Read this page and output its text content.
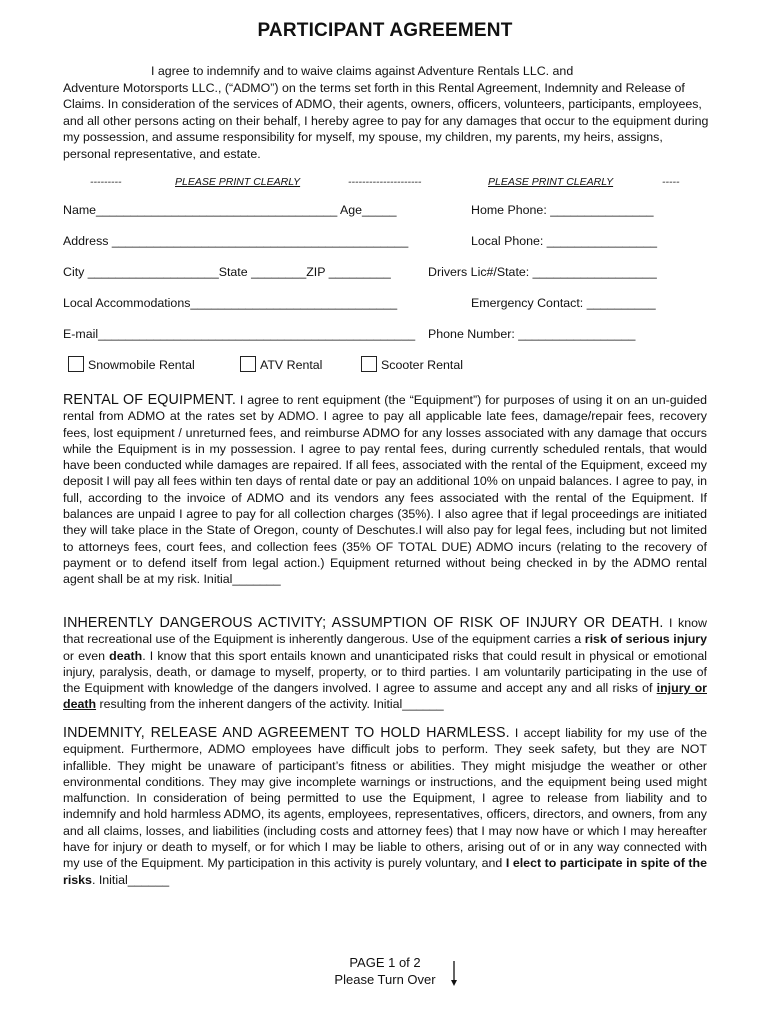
PARTICIPANT AGREEMENT
I agree to indemnify and to waive claims against Adventure Rentals LLC. and
Adventure Motorsports LLC., (“ADMO”) on the terms set forth in this Rental Agreement, Indemnity and Release of Claims. In consideration of the services of ADMO, their agents, owners, officers, volunteers, participants, employees, and all other persons acting on their behalf, I hereby agree to pay for any damages that occur to the equipment during my possession, and assume responsibility for myself, my spouse, my children, my parents, my heirs, assigns, personal representative, and estate.
---------	PLEASE PRINT CLEARLY	---------------------	PLEASE PRINT CLEARLY	-----
Name___________________________________ Age_____	Home Phone: _______________
Address ___________________________________________	Local Phone: ________________
City ___________________State ________ZIP _________	Drivers Lic#/State: __________________
Local Accommodations______________________________	Emergency Contact: __________
E-mail______________________________________________ Phone Number: _________________
Snowmobile Rental	ATV Rental	Scooter Rental
RENTAL OF EQUIPMENT. I agree to rent equipment (the “Equipment”) for purposes of using it on an un-guided rental from ADMO at the rates set by ADMO. I agree to pay all applicable late fees, damage/repair fees, recovery fees, lost equipment / unreturned fees, and reimburse ADMO for any losses associated with any damage that occurs while the Equipment is in my possession. I agree to pay rental fees, during currently scheduled rentals, that would have been conducted while damages are repaired. If all fees, associated with the rental of the Equipment, exceed my deposit I will pay all fees within ten days of rental date or pay an additional 10% on unpaid balances. I agree to pay, in full, according to the invoice of ADMO and its vendors any fees associated with the rental of the Equipment. If balances are unpaid I agree to pay for all collection charges (35%). I also agree that if legal proceedings are initiated they will take place in the State of Oregon, county of Deschutes.I will also pay for legal fees, including but not limited to attorneys fees, court fees, and collection fees (35% OF TOTAL DUE) ADMO incurs (relating to the recovery of payment or to defend itself from legal action.) Equipment returned without being checked in by the ADMO rental agent shall be at my risk. Initial_______
INHERENTLY DANGEROUS ACTIVITY; ASSUMPTION OF RISK OF INJURY OR DEATH. I know that recreational use of the Equipment is inherently dangerous. Use of the equipment carries a risk of serious injury or even death. I know that this sport entails known and unanticipated risks that could result in physical or emotional injury, paralysis, death, or damage to myself, property, or to third parties. I am voluntarily participating in the use of the Equipment with knowledge of the dangers involved. I agree to assume and accept any and all risks of injury or death resulting from the inherent dangers of the activity. Initial______
INDEMNITY, RELEASE AND AGREEMENT TO HOLD HARMLESS. I accept liability for my use of the equipment. Furthermore, ADMO employees have difficult jobs to perform. They seek safety, but they are NOT infallible. They might be unaware of participant’s fitness or abilities. They might misjudge the weather or other environmental conditions. They may give incomplete warnings or instructions, and the equipment being used might malfunction. In consideration of being permitted to use the Equipment, I agree to release from liability and to indemnify and hold harmless ADMO, its agents, employees, representatives, officers, directors, and owners, from any and all claims, losses, and liabilities (including costs and attorney fees) that I may now have or which I may hereafter have for injury or death to myself, or for which I may be liable to others, arising out of or in any way connected with my use of the Equipment. My participation in this activity is purely voluntary, and I elect to participate in spite of the risks. Initial______
PAGE 1 of 2
Please Turn Over
